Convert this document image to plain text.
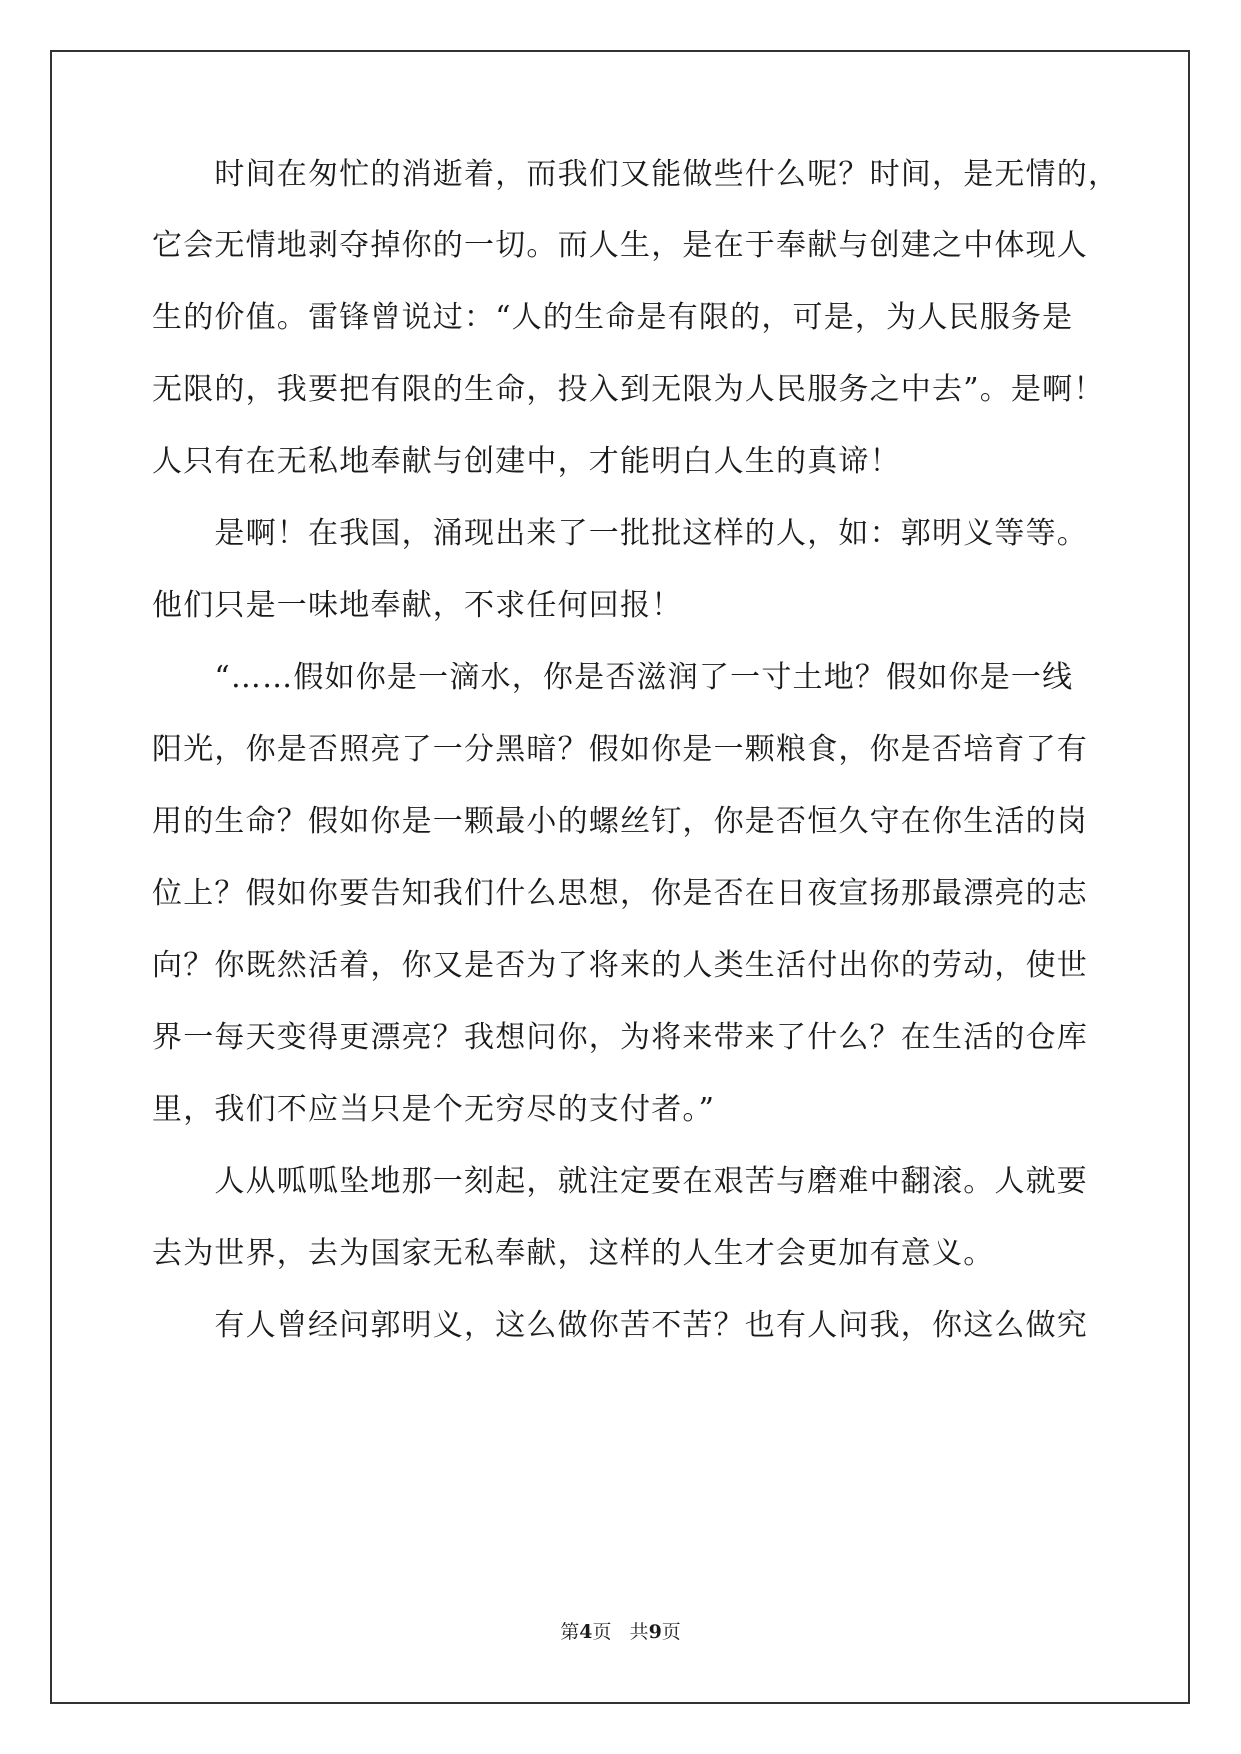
　　时间在匆忙的消逝着，而我们又能做些什么呢？时间，是无情的，
它会无情地剥夺掉你的一切。而人生，是在于奉献与创建之中体现人
生的价值。雷锋曾说过：“人的生命是有限的，可是，为人民服务是
无限的，我要把有限的生命，投入到无限为人民服务之中去”。是啊！
人只有在无私地奉献与创建中，才能明白人生的真谛！
　　是啊！在我国，涌现出来了一批批这样的人，如：郭明义等等。
他们只是一味地奉献，不求任何回报！
　　“……假如你是一滴水，你是否滋润了一寸土地？假如你是一线
阳光，你是否照亮了一分黑暗？假如你是一颗粮食，你是否培育了有
用的生命？假如你是一颗最小的螺丝钉，你是否恒久守在你生活的岗
位上？假如你要告知我们什么思想，你是否在日夜宣扬那最漂亮的志
向？你既然活着，你又是否为了将来的人类生活付出你的劳动，使世
界一每天变得更漂亮？我想问你，为将来带来了什么？在生活的仓库
里，我们不应当只是个无穷尽的支付者。”
　　人从呱呱坠地那一刻起，就注定要在艰苦与磨难中翻滚。人就要
去为世界，去为国家无私奉献，这样的人生才会更加有意义。
　　有人曾经问郭明义，这么做你苦不苦？也有人问我，你这么做究
第4页   共9页
